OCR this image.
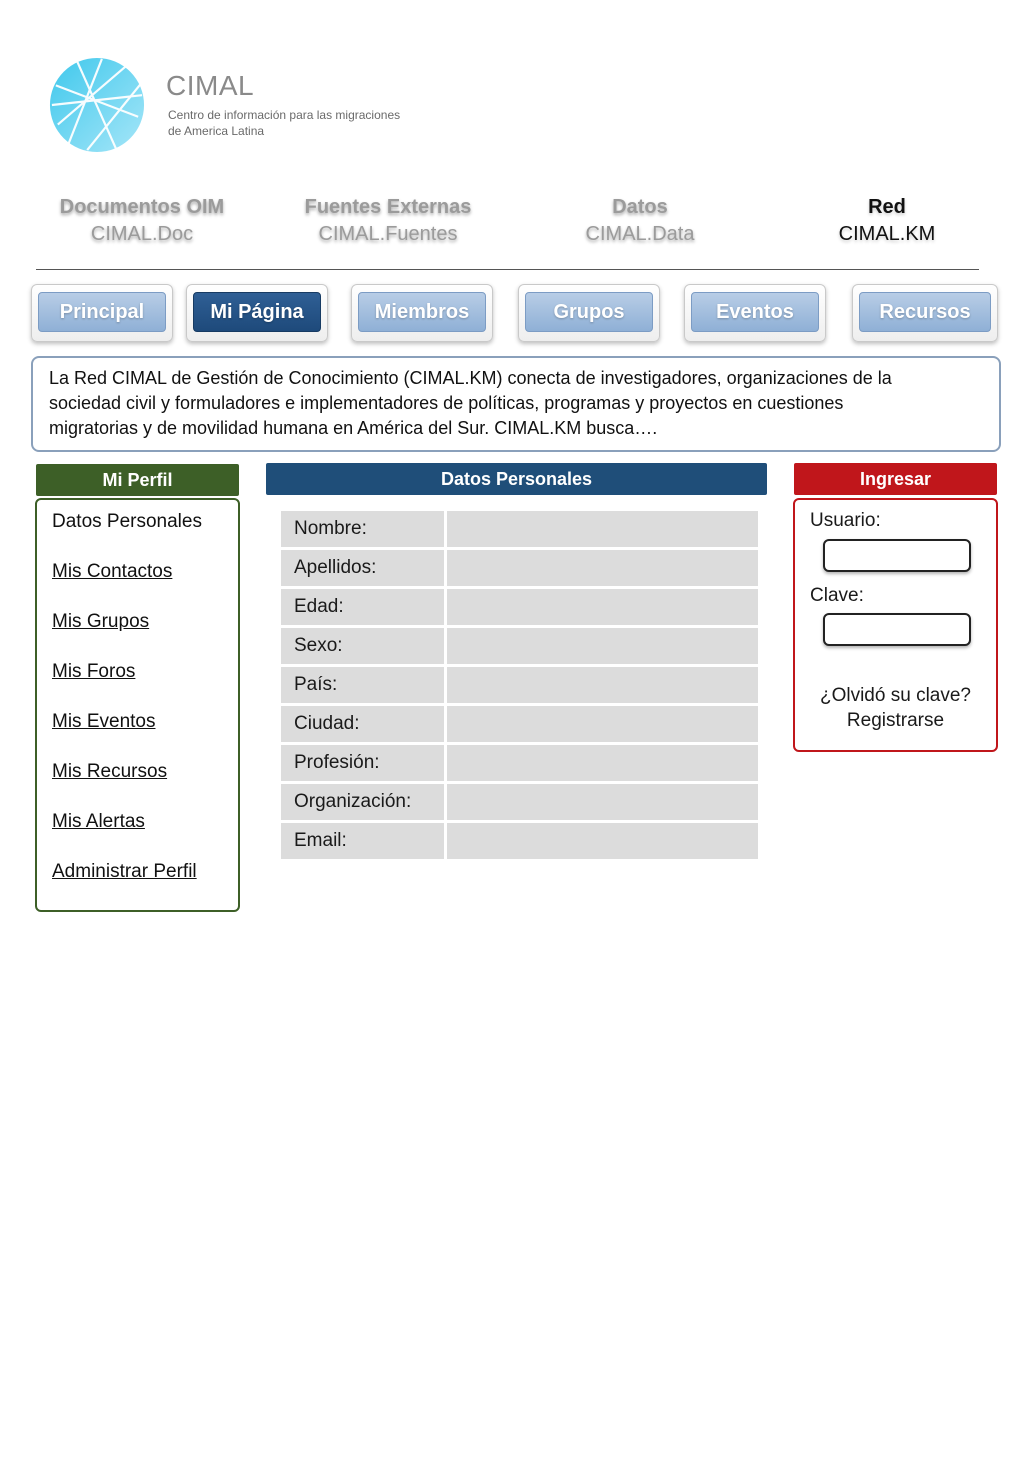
CIMAL
Centro de información para las migraciones
de America Latina
Documentos OIM
CIMAL.Doc
Fuentes Externas
CIMAL.Fuentes
Datos
CIMAL.Data
Red
CIMAL.KM
Principal	Mi Página	Miembros	Grupos	Eventos	Recursos
La Red CIMAL de Gestión de Conocimiento (CIMAL.KM) conecta de investigadores, organizaciones de la
sociedad civil y formuladores e implementadores de políticas, programas y proyectos en cuestiones
migratorias y de movilidad humana en América del Sur. CIMAL.KM busca….
Mi Perfil
Datos Personales
Mis Contactos
Mis Grupos
Mis Foros
Mis Eventos
Mis Recursos
Mis Alertas
Administrar Perfil
Datos Personales
Nombre:
Apellidos:
Edad:
Sexo:
País:
Ciudad:
Profesión:
Organización:
Email:
Ingresar
Usuario:
Clave:
¿Olvidó su clave?
Registrarse
